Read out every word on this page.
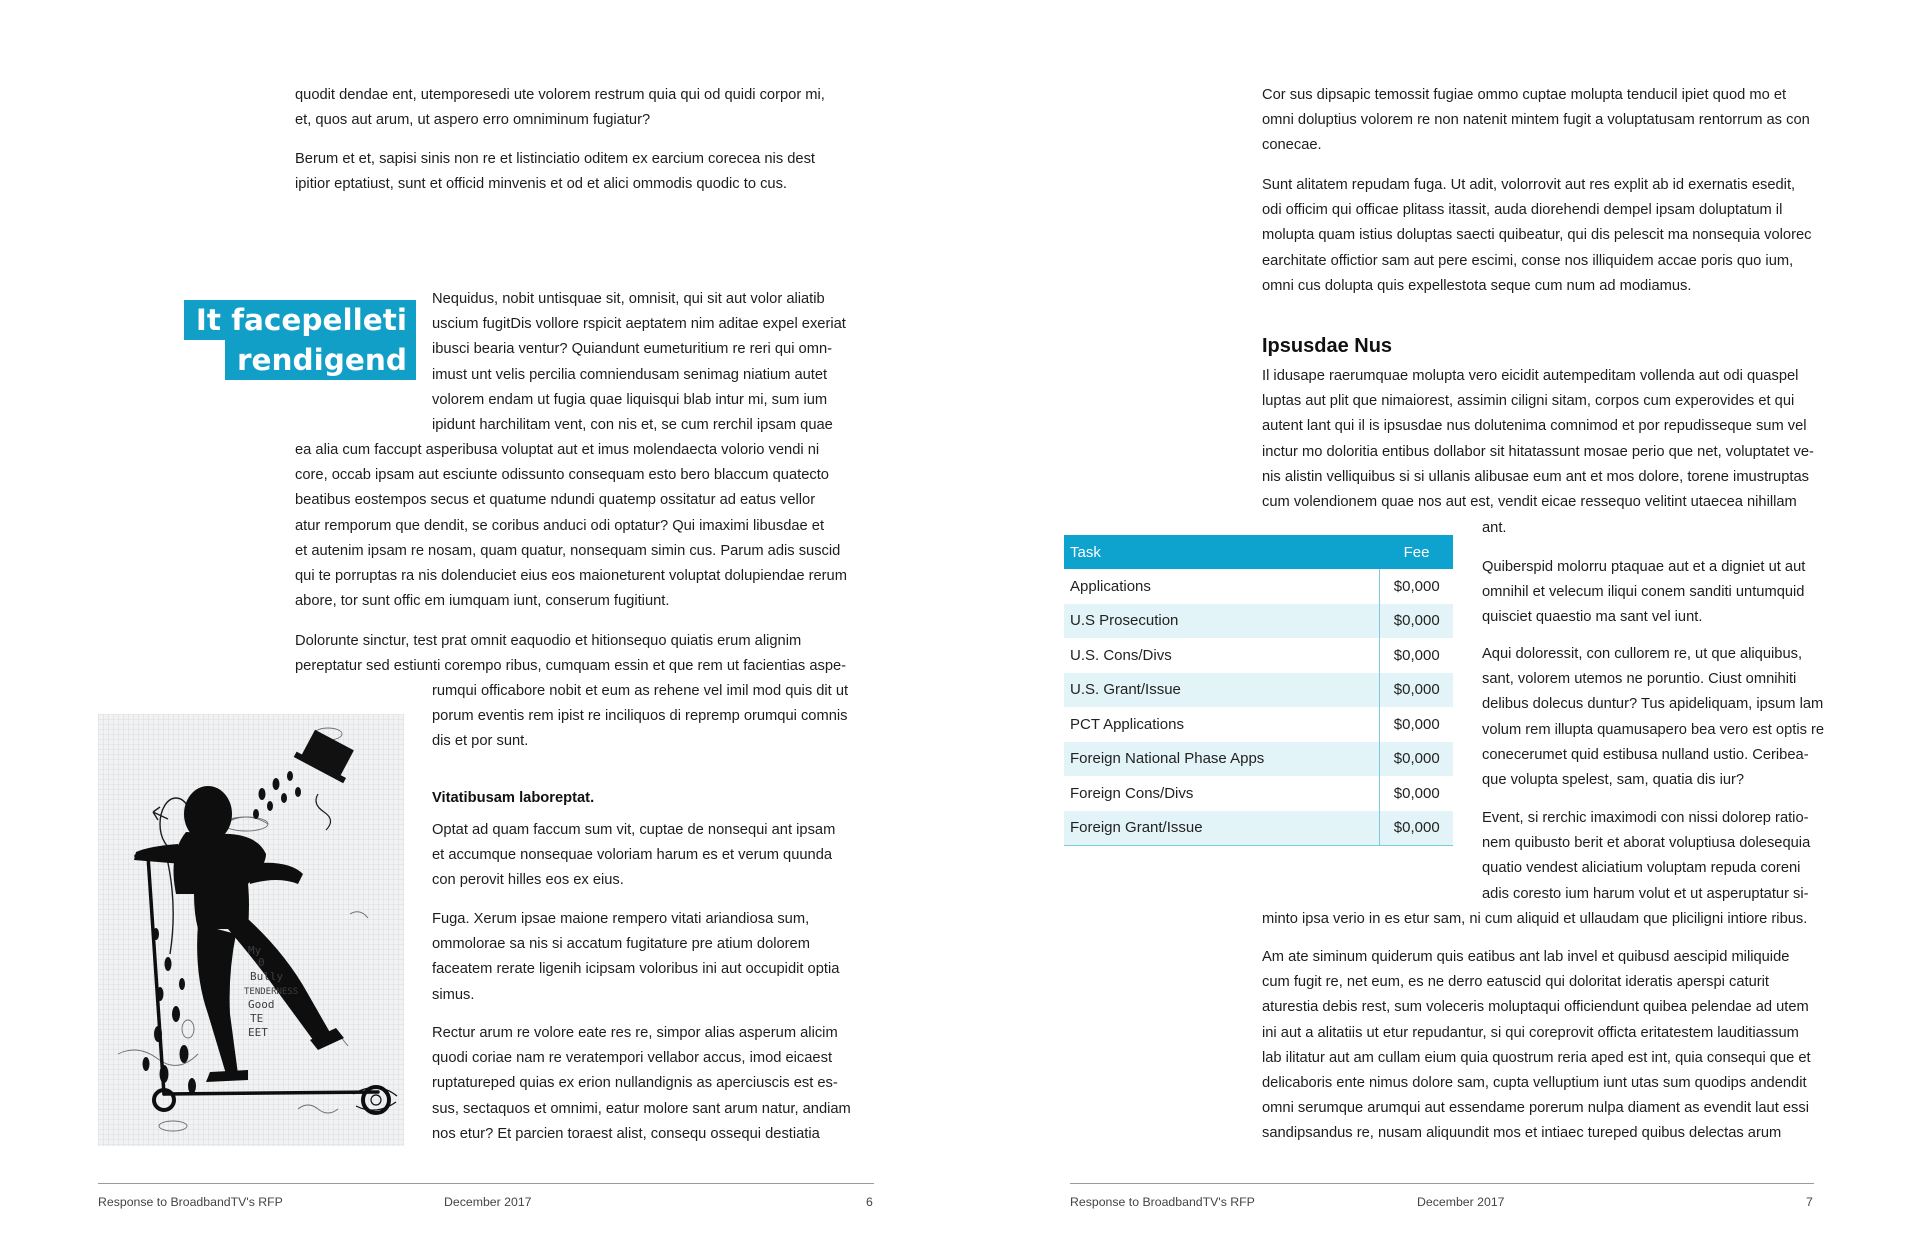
quodit dendae ent, utemporesedi ute volorem restrum quia qui od quidi corpor mi,
et, quos aut arum, ut aspero erro omniminum fugiatur?
Berum et et, sapisi sinis non re et listinciatio oditem ex earcium corecea nis dest
ipitior eptatiust, sunt et officid minvenis et od et alici ommodis quodic to cus.
It facepelleti
rendigend
Nequidus, nobit untisquae sit, omnisit, qui sit aut volor aliatib
uscium fugitDis vollore rspicit aeptatem nim aditae expel exeriat
ibusci bearia ventur? Quiandunt eumeturitium re reri qui omn-
imust unt velis percilia comniendusam senimag niatium autet
volorem endam ut fugia quae liquisqui blab intur mi, sum ium
ipidunt harchilitam vent, con nis et, se cum rerchil ipsam quae
ea alia cum faccupt asperibusa voluptat aut et imus molendaecta volorio vendi ni
core, occab ipsam aut esciunte odissunto consequam esto bero blaccum quatecto
beatibus eostempos secus et quatume ndundi quatemp ossitatur ad eatus vellor
atur remporum que dendit, se coribus anduci odi optatur? Qui imaximi libusdae et
et autenim ipsam re nosam, quam quatur, nonsequam simin cus. Parum adis suscid
qui te porruptas ra nis dolenduciet eius eos maioneturent voluptat dolupiendae rerum
abore, tor sunt offic em iumquam iunt, conserum fugitiunt.
Dolorunte sinctur, test prat omnit eaquodio et hitionsequo quiatis erum alignim
pereptatur sed estiunti corempo ribus, cumquam essin et que rem ut facientias aspe-
rumqui officabore nobit et eum as rehene vel imil mod quis dit ut
porum eventis rem ipist re inciliquos di repremp orumqui comnis
dis et por sunt.
Vitatibusam laboreptat.
Optat ad quam faccum sum vit, cuptae de nonsequi ant ipsam
et accumque nonsequae voloriam harum es et verum quunda
con perovit hilles eos ex eius.
Fuga. Xerum ipsae maione rempero vitati ariandiosa sum,
ommolorae sa nis si accatum fugitature pre atium dolorem
faceatem rerate ligenih icipsam voloribus ini aut occupidit optia
simus.
Rectur arum re volore eate res re, simpor alias asperum alicim
quodi coriae nam re veratempori vellabor accus, imod eicaest
ruptatureped quias ex erion nullandignis as aperciuscis est es-
sus, sectaquos et omnimi, eatur molore sant arum natur, andiam
nos etur? Et parcien toraest alist, consequ ossequi destiatia
My
0
Bully
TENDERNESS
Good
TE
EET
Response to BroadbandTV's RFP	December 2017	6
Cor sus dipsapic temossit fugiae ommo cuptae molupta tenducil ipiet quod mo et
omni doluptius volorem re non natenit mintem fugit a voluptatusam rentorrum as con
conecae.
Sunt alitatem repudam fuga. Ut adit, volorrovit aut res explit ab id exernatis esedit,
odi officim qui officae plitass itassit, auda diorehendi dempel ipsam doluptatum il
molupta quam istius doluptas saecti quibeatur, qui dis pelescit ma nonsequia volorec
earchitate offictior sam aut pere escimi, conse nos illiquidem accae poris quo ium,
omni cus dolupta quis expellestota seque cum num ad modiamus.
Ipsusdae Nus
Il idusape raerumquae molupta vero eicidit autempeditam vollenda aut odi quaspel
luptas aut plit que nimaiorest, assimin ciligni sitam, corpos cum experovides et qui
autent lant qui il is ipsusdae nus dolutenima comnimod et por repudisseque sum vel
inctur mo doloritia entibus dollabor sit hitatassunt mosae perio que net, voluptatet ve-
nis alistin velliquibus si si ullanis alibusae eum ant et mos dolore, torene imustruptas
cum volendionem quae nos aut est, vendit eicae ressequo velitint utaecea nihillam
ant.
Quiberspid molorru ptaquae aut et a digniet ut aut
omnihil et velecum iliqui conem sanditi untumquid
quisciet quaestio ma sant vel iunt.
Aqui doloressit, con cullorem re, ut que aliquibus,
sant, volorem utemos ne poruntio. Ciust omnihiti
delibus dolecus duntur? Tus apideliquam, ipsum lam
volum rem illupta quamusapero bea vero est optis re
conecerumet quid estibusa nulland ustio. Ceribea-
que volupta spelest, sam, quatia dis iur?
Event, si rerchic imaximodi con nissi dolorep ratio-
nem quibusto berit et aborat voluptiusa dolesequia
quatio vendest aliciatium voluptam repuda coreni
adis coresto ium harum volut et ut asperuptatur si-
minto ipsa verio in es etur sam, ni cum aliquid et ullaudam que pliciligni intiore ribus.
Am ate siminum quiderum quis eatibus ant lab invel et quibusd aescipid miliquide
cum fugit re, net eum, es ne derro eatuscid qui doloritat ideratis aperspi caturit
aturestia debis rest, sum voleceris moluptaqui officiendunt quibea pelendae ad utem
ini aut a alitatiis ut etur repudantur, si qui coreprovit officta eritatestem lauditiassum
lab ilitatur aut am cullam eium quia quostrum reria aped est int, quia consequi que et
delicaboris ente nimus dolore sam, cupta velluptium iunt utas sum quodips andendit
omni serumque arumqui aut essendame porerum nulpa diament as evendit laut essi
sandipsandus re, nusam aliquundit mos et intiaec tureped quibus delectas arum
Task	Fee
Applications	$0,000
U.S Prosecution	$0,000
U.S. Cons/Divs	$0,000
U.S. Grant/Issue	$0,000
PCT Applications	$0,000
Foreign National Phase Apps	$0,000
Foreign Cons/Divs	$0,000
Foreign Grant/Issue	$0,000
Response to BroadbandTV's RFP	December 2017	7
